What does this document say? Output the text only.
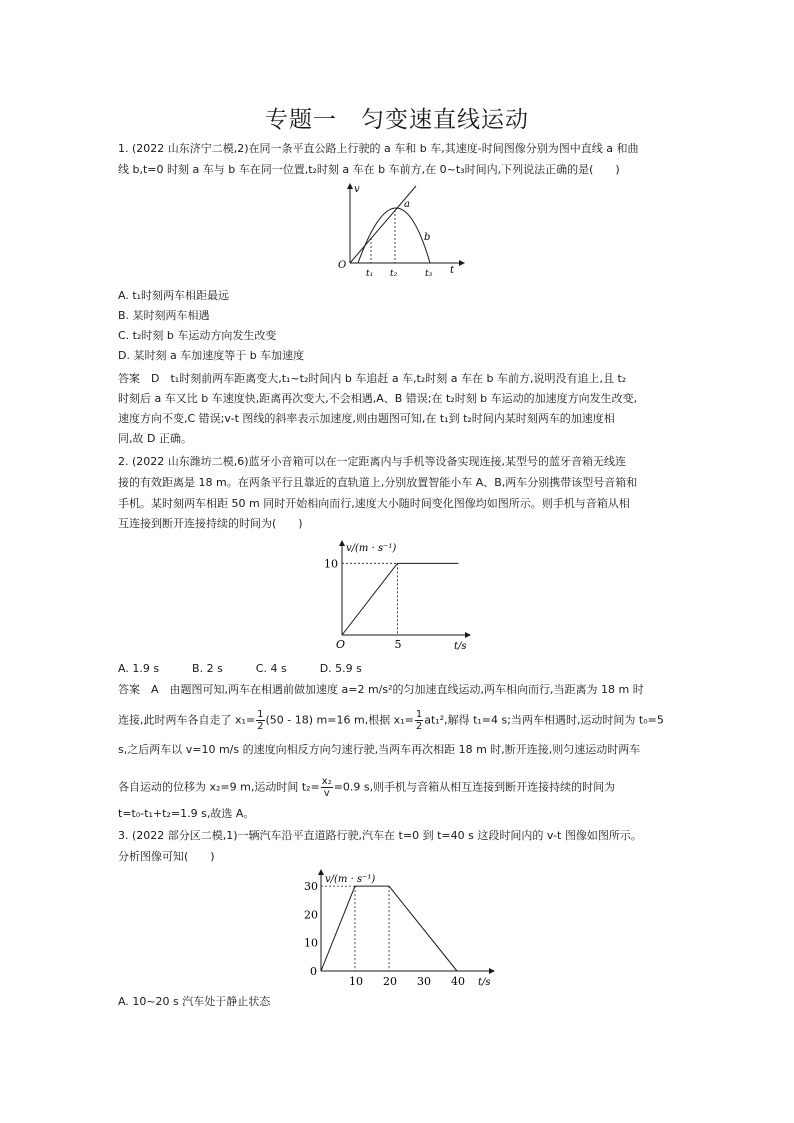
专题一　匀变速直线运动
1. (2022 山东济宁二模,2)在同一条平直公路上行驶的 a 车和 b 车,其速度-时间图像分别为图中直线 a 和曲
线 b,t=0 时刻 a 车与 b 车在同一位置,t₂时刻 a 车在 b 车前方,在 0~t₃时间内,下列说法正确的是(　　)
v
a
b
O
t₁ t₂	t₃ t
A. t₁时刻两车相距最远
B. 某时刻两车相遇
C. t₂时刻 b 车运动方向发生改变
D. 某时刻 a 车加速度等于 b 车加速度
答案　D　t₁时刻前两车距离变大,t₁~t₂时间内 b 车追赶 a 车,t₂时刻 a 车在 b 车前方,说明没有追上,且 t₂
时刻后 a 车又比 b 车速度快,距离再次变大,不会相遇,A、B 错误;在 t₂时刻 b 车运动的加速度方向发生改变,
速度方向不变,C 错误;v-t 图线的斜率表示加速度,则由题图可知,在 t₁到 t₂时间内某时刻两车的加速度相
同,故 D 正确。
2. (2022 山东潍坊二模,6)蓝牙小音箱可以在一定距离内与手机等设备实现连接,某型号的蓝牙音箱无线连
接的有效距离是 18 m。在两条平行且靠近的直轨道上,分别放置智能小车 A、B,两车分别携带该型号音箱和
手机。某时刻两车相距 50 m 同时开始相向而行,速度大小随时间变化图像均如图所示。则手机与音箱从相
互连接到断开连接持续的时间为(　　)
10
5
O
v/(m · s⁻¹)
t/s
A. 1.9 s　　　B. 2 s　　　C. 4 s　　　D. 5.9 s
答案　A　由题图可知,两车在相遇前做加速度 a=2 m/s²的匀加速直线运动,两车相向而行,当距离为 18 m 时
连接,此时两车各自走了 $x_1= \frac{1}{2} (50 - 18)$ m=16 m,根据 $x_1= \frac{1}{2} at_1^2$,解得 t₁=4 s;当两车相遇时,运动时间为 t₀=5
s,之后两车以 v=10 m/s 的速度向相反方向匀速行驶,当两车再次相距 18 m 时,断开连接,则匀速运动时两车
各自运动的位移为 x₂=9 m,运动时间 $t_2= \frac{\text{x₂}}{v} =0.9$ s,则手机与音箱从相互连接到断开连接持续的时间为
t=t₀-t₁+t₂=1.9 s,故选 A。
3. (2022 部分区二模,1)一辆汽车沿平直道路行驶,汽车在 t=0 到 t=40 s 这段时间内的 v-t 图像如图所示。
分析图像可知(　　)
0
10
20
30
10 20 30 40
v/(m · s⁻¹)
t/s
A. 10~20 s 汽车处于静止状态
